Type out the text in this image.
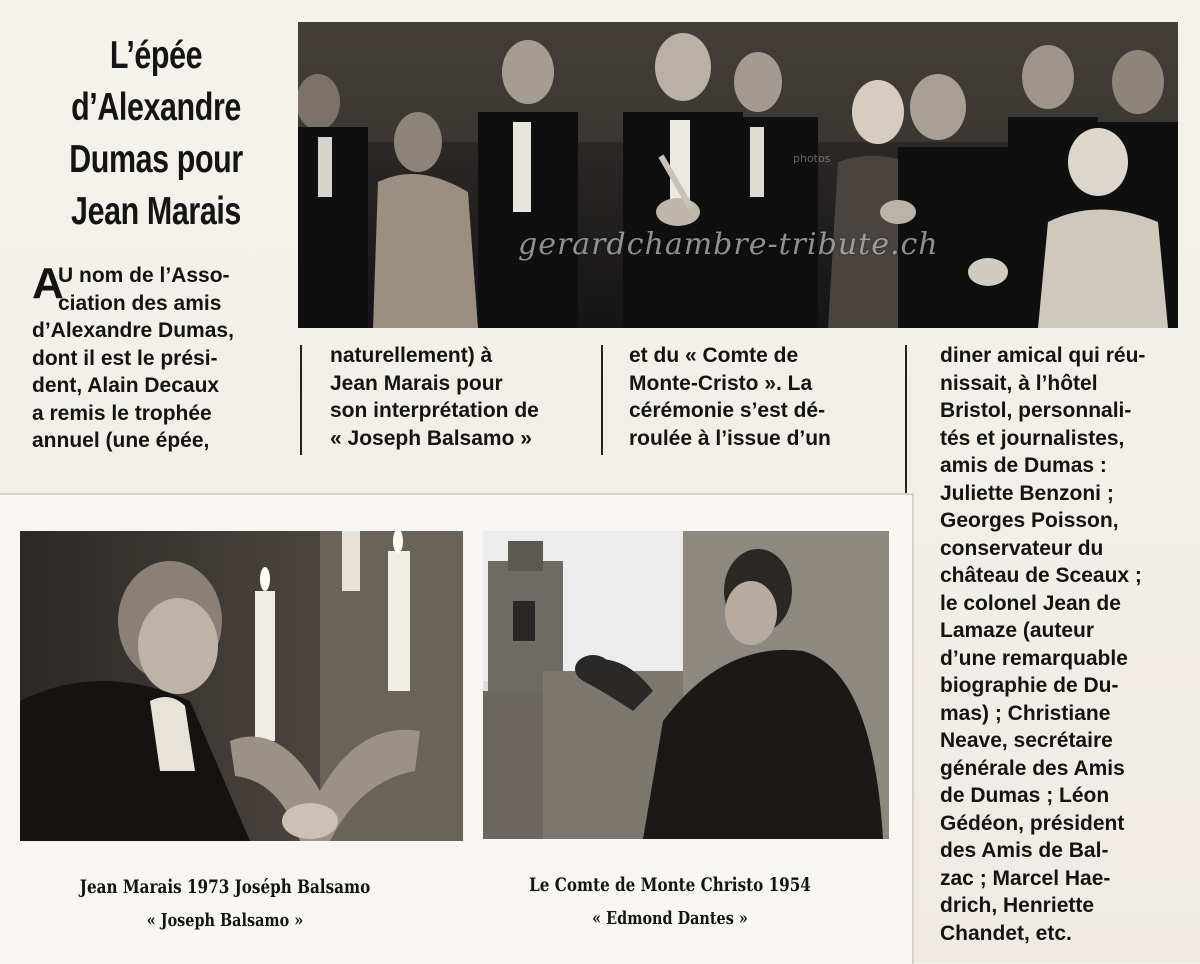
L’épée
d’Alexandre
Dumas pour
Jean Marais
photos
gerardchambre-tribute.ch
A
U nom de l’Asso-
ciation des amis
d’Alexandre Dumas,
dont il est le prési-
dent, Alain Decaux
a remis le trophée
annuel (une épée,
naturellement) à
Jean Marais pour
son interprétation de
« Joseph Balsamo »
et du « Comte de
Monte-Cristo ». La
cérémonie s’est dé-
roulée à l’issue d’un
diner amical qui réu-
nissait, à l’hôtel
Bristol, personnali-
tés et journalistes,
amis de Dumas :
Juliette Benzoni ;
Georges Poisson,
conservateur du
château de Sceaux ;
le colonel Jean de
Lamaze (auteur
d’une remarquable
biographie de Du-
mas) ; Christiane
Neave, secrétaire
générale des Amis
de Dumas ; Léon
Gédéon, président
des Amis de Bal-
zac ; Marcel Hae-
drich, Henriette
Chandet, etc.
Jean Marais 1973 Joséph Balsamo
« Joseph Balsamo »
Le Comte de Monte Christo 1954
« Edmond Dantes »
